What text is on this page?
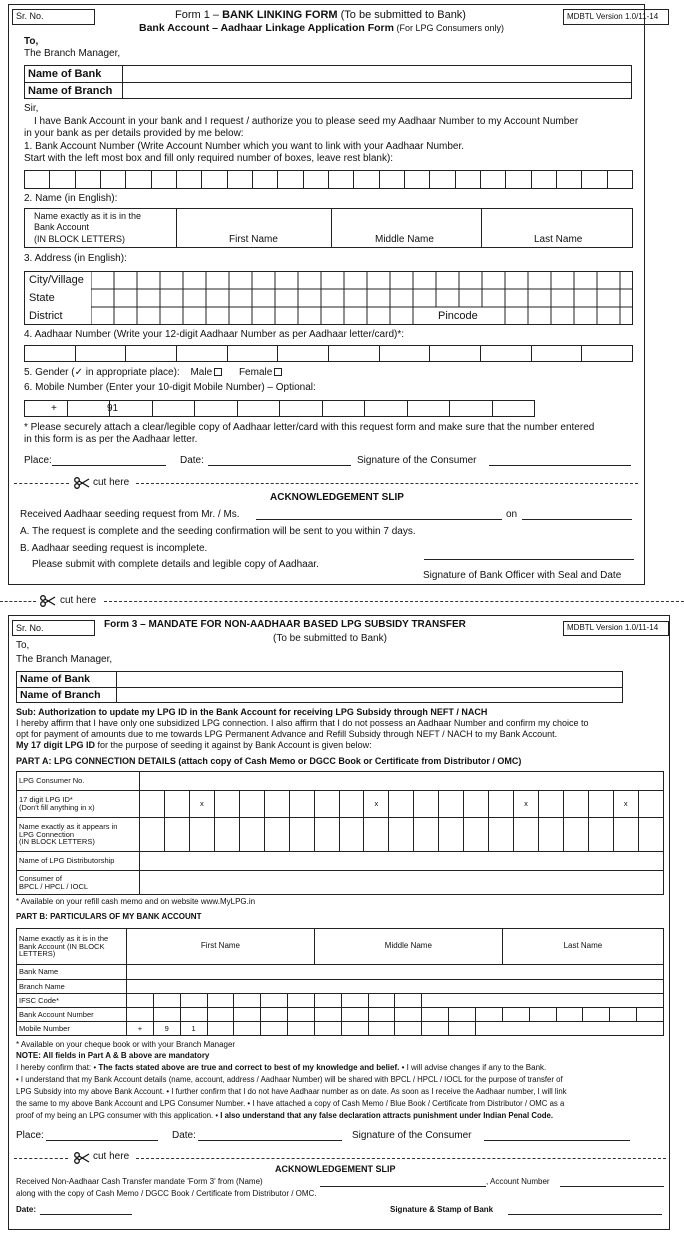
Sr. No.	Form 1 – BANK LINKING FORM (To be submitted to Bank)	MDBTL Version 1.0/11-14
Bank Account – Aadhaar Linkage Application Form (For LPG Consumers only)
To,
The Branch Manager,
Name of Bank
Name of Branch
Sir,
I have Bank Account in your bank and I request / authorize you to please seed my Aadhaar Number to my Account Number
in your bank as per details provided by me below:
1. Bank Account Number (Write Account Number which you want to link with your Aadhaar Number.
Start with the left most box and fill only required number of boxes, leave rest blank):
2. Name (in English):
Name exactly as it is in the
Bank Account
(IN BLOCK LETTERS)	First Name	Middle Name	Last Name
3. Address (in English):
City/Village
State
District	Pincode
4. Aadhaar Number (Write your 12-digit Aadhaar Number as per Aadhaar letter/card)*:
5. Gender (✓ in appropriate place): Male	Female
6. Mobile Number (Enter your 10-digit Mobile Number) – Optional:
+	91
* Please securely attach a clear/legible copy of Aadhaar letter/card with this request form and make sure that the number entered
in this form is as per the Aadhaar letter.
Place:	Date:	Signature of the Consumer
cut here
ACKNOWLEDGEMENT SLIP
Received Aadhaar seeding request from Mr. / Ms.	on
A. The request is complete and the seeding confirmation will be sent to you within 7 days.
B. Aadhaar seeding request is incomplete.
Please submit with complete details and legible copy of Aadhaar.
Signature of Bank Officer with Seal and Date
cut here
Sr. No.	Form 3 – MANDATE FOR NON-AADHAAR BASED LPG SUBSIDY TRANSFER	MDBTL Version 1.0/11-14
(To be submitted to Bank)
To,
The Branch Manager,
Name of Bank
Name of Branch
Sub: Authorization to update my LPG ID in the Bank Account for receiving LPG Subsidy through NEFT / NACH
I hereby affirm that I have only one subsidized LPG connection. I also affirm that I do not possess an Aadhaar Number and confirm my choice to
opt for payment of amounts due to me towards LPG Permanent Advance and Refill Subsidy through NEFT / NACH to my Bank Account.
My 17 digit LPG ID for the purpose of seeding it against by Bank Account is given below:
PART A: LPG CONNECTION DETAILS (attach copy of Cash Memo or DGCC Book or Certificate from Distributor / OMC)
LPG Consumer No.																					
17 digit LPG ID*
(Don't fill anything in x)			x							x						x				x	
Name exactly as it appears in
LPG Connection
(IN BLOCK LETTERS)																					
Name of LPG Distributorship																					
Consumer of
BPCL / HPCL / IOCL																					
* Available on your refill cash memo and on website www.MyLPG.in
PART B: PARTICULARS OF MY BANK ACCOUNT
Name exactly as it is in the
Bank Account (IN BLOCK
LETTERS)	First Name							Middle Name							Last Name					
Bank Name																				
Branch Name																				
IFSC Code*																				
Bank Account Number																				
Mobile Number	+	9	1																	
* Available on your cheque book or with your Branch Manager
NOTE: All fields in Part A & B above are mandatory
I hereby confirm that: • The facts stated above are true and correct to best of my knowledge and belief. • I will advise changes if any to the Bank.
• I understand that my Bank Account details (name, account, address / Aadhaar Number) will be shared with BPCL / HPCL / IOCL for the purpose of transfer of
LPG Subsidy into my above Bank Account. • I further confirm that I do not have Aadhaar number as on date. As soon as I receive the Aadhaar number, I will link
the same to my above Bank Account and LPG Consumer Number. • I have attached a copy of Cash Memo / Blue Book / Certificate from Distributor / OMC as a
proof of my being an LPG consumer with this application. • I also understand that any false declaration attracts punishment under Indian Penal Code.
Place:	Date:	Signature of the Consumer
cut here
ACKNOWLEDGEMENT SLIP
Received Non-Aadhaar Cash Transfer mandate 'Form 3' from (Name)	, Account Number
along with the copy of Cash Memo / DGCC Book / Certificate from Distributor / OMC.
Date:	Signature & Stamp of Bank
